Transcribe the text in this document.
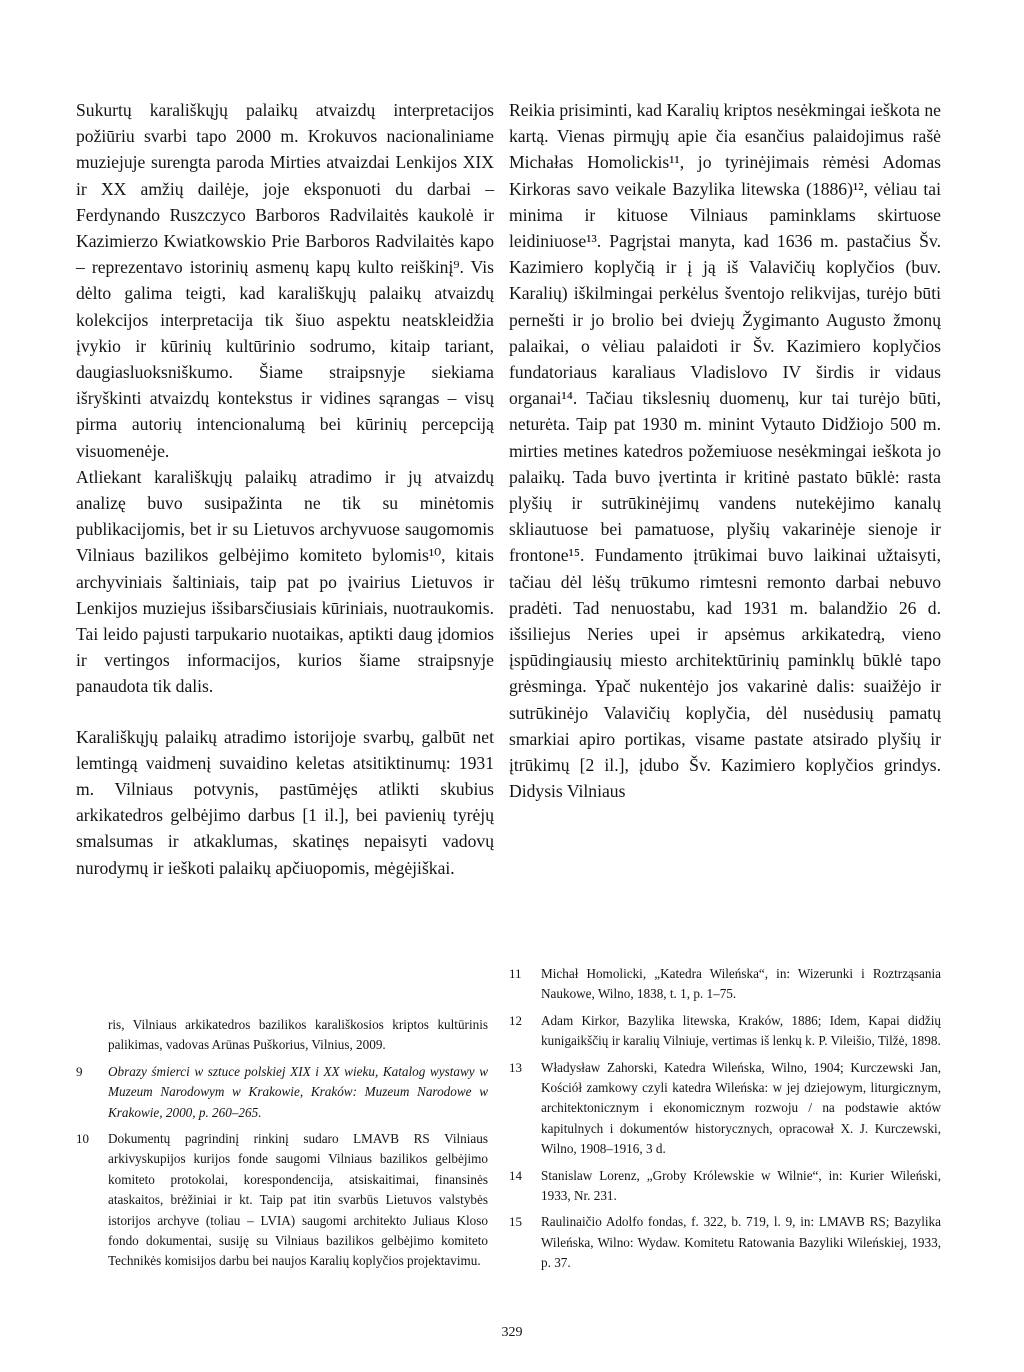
Sukurtų karališkųjų palaikų atvaizdų interpretacijos požiūriu svarbi tapo 2000 m. Krokuvos nacionaliniame muziejuje surengta paroda Mirties atvaizdai Lenkijos XIX ir XX amžių dailėje, joje eksponuoti du darbai – Ferdynando Ruszczyco Barboros Radvilaitės kaukolė ir Kazimierzo Kwiatkowskio Prie Barboros Radvilaitės kapo – reprezentavo istorinių asmenų kapų kulto reiškinį⁹. Vis dėlto galima teigti, kad karališkųjų palaikų atvaizdų kolekcijos interpretacija tik šiuo aspektu neatskleidžia įvykio ir kūrinių kultūrinio sodrumo, kitaip tariant, daugiasluoksniškumo. Šiame straipsnyje siekiama išryškinti atvaizdų kontekstus ir vidines sąrangas – visų pirma autorių intencionalumą bei kūrinių percepciją visuomenėje.

Atliekant karališkųjų palaikų atradimo ir jų atvaizdų analizę buvo susipažinta ne tik su minėtomis publikacijomis, bet ir su Lietuvos archyvuose saugomomis Vilniaus bazilikos gelbėjimo komiteto bylomis¹⁰, kitais archyviniais šaltiniais, taip pat po įvairius Lietuvos ir Lenkijos muziejus išsibarsčiusiais kūriniais, nuotraukomis. Tai leido pajusti tarpukario nuotaikas, aptikti daug įdomios ir vertingos informacijos, kurios šiame straipsnyje panaudota tik dalis.

Karališkųjų palaikų atradimo istorijoje svarbų, galbūt net lemtingą vaidmenį suvaidino keletas atsitiktinumų: 1931 m. Vilniaus potvynis, pastūmėjęs atlikti skubius arkikatedros gelbėjimo darbus [1 il.], bei pavienių tyrėjų smalsumas ir atkaklumas, skatinęs nepaisyti vadovų nurodymų ir ieškoti palaikų apčiuopomis, mėgėjiškai.

Reikia prisiminti, kad Karalių kriptos nesėkmingai ieškota ne kartą. Vienas pirmųjų apie čia esančius palaidojimus rašė Michałas Homolickis¹¹, jo tyrinėjimais rėmėsi Adomas Kirkoras savo veikale Bazylika litewska (1886)¹², vėliau tai minima ir kituose Vilniaus paminklams skirtuose leidiniuose¹³. Pagrįstai manyta, kad 1636 m. pastačius Šv. Kazimiero koplyčią ir į ją iš Valavičių koplyčios (buv. Karalių) iškilmingai perkėlus šventojo relikvijas, turėjo būti pernešti ir jo brolio bei dviejų Žygimanto Augusto žmonų palaikai, o vėliau palaidoti ir Šv. Kazimiero koplyčios fundatoriaus karaliaus Vladislovo IV širdis ir vidaus organai¹⁴. Tačiau tikslesnių duomenų, kur tai turėjo būti, neturėta. Taip pat 1930 m. minint Vytauto Didžiojo 500 m. mirties metines katedros požemiuose nesėkmingai ieškota jo palaikų. Tada buvo įvertinta ir kritinė pastato būklė: rasta plyšių ir sutrūkinėjimų vandens nutekėjimo kanalų skliautuose bei pamatuose, plyšių vakarinėje sienoje ir frontone¹⁵. Fundamento įtrūkimai buvo laikinai užtaisyti, tačiau dėl lėšų trūkumo rimtesni remonto darbai nebuvo pradėti. Tad nenuostabu, kad 1931 m. balandžio 26 d. išsiliejus Neries upei ir apsėmus arkikatedrą, vieno įspūdingiausių miesto architektūrinių paminklų būklė tapo grėsminga. Ypač nukentėjo jos vakarinė dalis: suaižėjo ir sutrūkinėjo Valavičių koplyčia, dėl nusėdusių pamatų smarkiai apiro portikas, visame pastate atsirado plyšių ir įtrūkimų [2 il.], įdubo Šv. Kazimiero koplyčios grindys. Didysis Vilniaus

ris, Vilniaus arkikatedros bazilikos karališkosios kriptos kultūrinis palikimas, vadovas Arūnas Puškorius, Vilnius, 2009.

9	Obrazy śmierci w sztuce polskiej XIX i XX wieku, Katalog wystawy w Muzeum Narodowym w Krakowie, Kraków: Muzeum Narodowe w Krakowie, 2000, p. 260–265.
10	Dokumentų pagrindinį rinkinį sudaro LMAVB RS Vilniaus arkivyskupijos kurijos fonde saugomi Vilniaus bazilikos gelbėjimo komiteto protokolai, korespondencija, atsiskaitimai, finansinės ataskaitos, brėžiniai ir kt. Taip pat itin svarbūs Lietuvos valstybės istorijos archyve (toliau – LVIA) saugomi architekto Juliaus Kloso fondo dokumentai, susiję su Vilniaus bazilikos gelbėjimo komiteto Technikės komisijos darbu bei naujos Karalių koplyčios projektavimu.
11	Michał Homolicki, „Katedra Wileńska“, in: Wizerunki i Roztrząsania Naukowe, Wilno, 1838, t. 1, p. 1–75.
12	Adam Kirkor, Bazylika litewska, Kraków, 1886; Idem, Kapai didžių kunigaikščių ir karalių Vilniuje, vertimas iš lenkų k. P. Vileišio, Tilžė, 1898.
13	Władysław Zahorski, Katedra Wileńska, Wilno, 1904; Kurczewski Jan, Kościół zamkowy czyli katedra Wileńska: w jej dziejowym, liturgicznym, architektonicznym i ekonomicznym rozwoju / na podstawie aktów kapitulnych i dokumentów historycznych, opracował X. J. Kurczewski, Wilno, 1908–1916, 3 d.
14	Stanislaw Lorenz, „Groby Królewskie w Wilnie“, in: Kurier Wileński, 1933, Nr. 231.
15	Raulinaičio Adolfo fondas, f. 322, b. 719, l. 9, in: LMAVB RS; Bazylika Wileńska, Wilno: Wydaw. Komitetu Ratowania Bazyliki Wileńskiej, 1933, p. 37.
329
